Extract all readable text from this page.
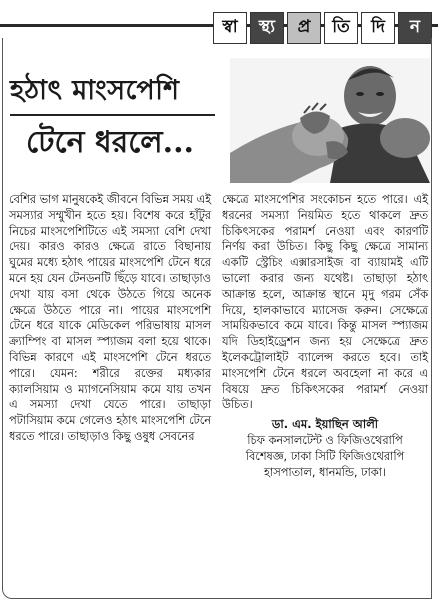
স্বা	স্থ্য	প্র	তি	দি	ন
হঠাৎ মাংসপেশি
টেনে ধরলে...

বেশির ভাগ মানুষকেই জীবনে বিভিন্ন সময় এই সমস্যার সম্মুখীন হতে হয়। বিশেষ করে হাঁটুর নিচের মাংসপেশিটিতে এই সমস্যা বেশি দেখা দেয়। কারও কারও ক্ষেত্রে রাতে বিছানায় ঘুমের মধ্যে হঠাৎ পায়ের মাংসপেশি টেনে ধরে মনে হয় যেন টেনডনটি ছিঁড়ে যাবে। তাছাড়াও দেখা যায় বসা থেকে উঠতে গিয়ে অনেক ক্ষেত্রে উঠতে পারে না। পায়ের মাংসপেশি টেনে ধরে যাকে মেডিকেল পরিভাষায় মাসল ক্র্যাম্পিং বা মাসল স্প্যাজম বলা হয়ে থাকে। বিভিন্ন কারণে এই মাংসপেশি টেনে ধরতে পারে। যেমন: শরীরে রক্তের মধ্যকার ক্যালসিয়াম ও ম্যাগনেসিয়াম কমে যায় তখন এ সমস্যা দেখা যেতে পারে। তাছাড়া পটাসিয়াম কমে গেলেও হঠাৎ মাংসপেশি টেনে ধরতে পারে। তাছাড়াও কিছু ওষুধ সেবনের

ক্ষেত্রে মাংসপেশির সংকোচন হতে পারে। এই ধরনের সমস্যা নিয়মিত হতে থাকলে দ্রুত চিকিৎসকের পরামর্শ নেওয়া এবং কারণটি নির্ণয় করা উচিত। কিছু কিছু ক্ষেত্রে সামান্য একটি স্ট্রেচিং এক্সারসাইজ বা ব্যায়ামই এটি ভালো করার জন্য যথেষ্ট। তাছাড়া হঠাৎ আক্রান্ত হলে, আক্রান্ত স্থানে মৃদু গরম সেঁক দিয়ে, হালকাভাবে ম্যাসেজ করুন। সেক্ষেত্রে সাময়িকভাবে কমে যাবে। কিন্তু মাসল স্প্যাজম যদি ডিহাইড্রেশন জন্য হয় সেক্ষেত্রে দ্রুত ইলেকট্রোলাইট ব্যালেন্স করতে হবে। তাই মাংসপেশি টেনে ধরলে অবহেলা না করে এ বিষয়ে দ্রুত চিকিৎসকের পরামর্শ নেওয়া উচিত।

ডা. এম. ইয়াছিন আলী
চিফ কনসালটেন্ট ও ফিজিওথেরাপি
বিশেষজ্ঞ, ঢাকা সিটি ফিজিওথেরাপি
হাসপাতাল, ধানমন্ডি, ঢাকা।
